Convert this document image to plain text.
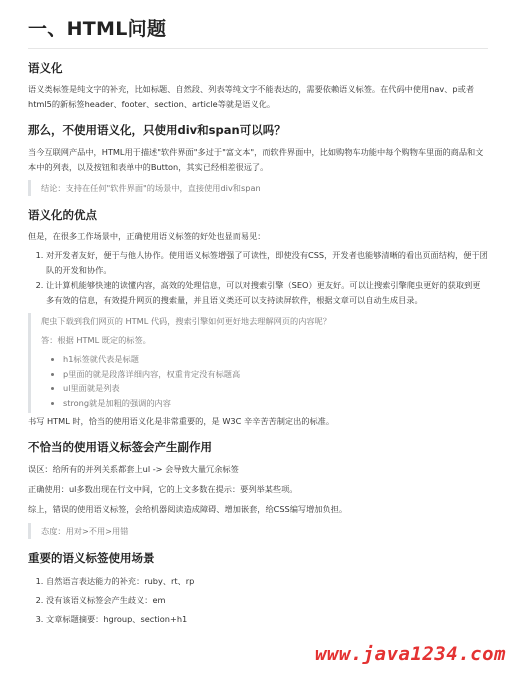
一、HTML问题
语义化

语义类标签是纯文字的补充，比如标题、自然段、列表等纯文字不能表达的，需要依赖语义标签。在代码中使用nav、p或者html5的新标签header、footer、section、article等就是语义化。

那么，不使用语义化，只使用div和span可以吗？

当今互联网产品中，HTML用于描述"软件界面"多过于"富文本"，而软件界面中，比如购物车功能中每个购物车里面的商品和文本中的列表，以及按钮和表单中的Button，其实已经相差很远了。

结论：支持在任何"软件界面"的场景中，直接使用div和span
语义化的优点

但是，在很多工作场景中，正确使用语义标签的好处也显而易见：

1. 对开发者友好，便于与他人协作。使用语义标签增强了可读性，即使没有CSS，开发者也能够清晰的看出页面结构，便于团队的开发和协作。
2. 让计算机能够快速的读懂内容，高效的处理信息，可以对搜索引擎（SEO）更友好。可以让搜索引擎爬虫更好的获取到更多有效的信息，有效提升网页的搜索量，并且语义类还可以支持读屏软件，根据文章可以自动生成目录。
爬虫下载到我们网页的 HTML 代码，搜索引擎如何更好地去理解网页的内容呢？
答：根据 HTML 既定的标签。
• h1标签就代表是标题
• p里面的就是段落详细内容，权重肯定没有标题高
• ul里面就是列表
• strong就是加粗的强调的内容

书写 HTML 时，恰当的使用语义化是非常重要的，是 W3C 辛辛苦苦制定出的标准。

不恰当的使用语义标签会产生副作用

误区：给所有的并列关系都套上ul -> 会导致大量冗余标签

正确使用：ul多数出现在行文中间，它的上文多数在提示：要列举某些项。

综上，错误的使用语义标签，会给机器阅读造成障碍、增加嵌套，给CSS编写增加负担。

态度：用对>不用>用错
重要的语义标签使用场景
1. 自然语言表达能力的补充：ruby、rt、rp
2. 没有该语义标签会产生歧义：em
3. 文章标题摘要：hgroup、section+h1
www.java1234.com
